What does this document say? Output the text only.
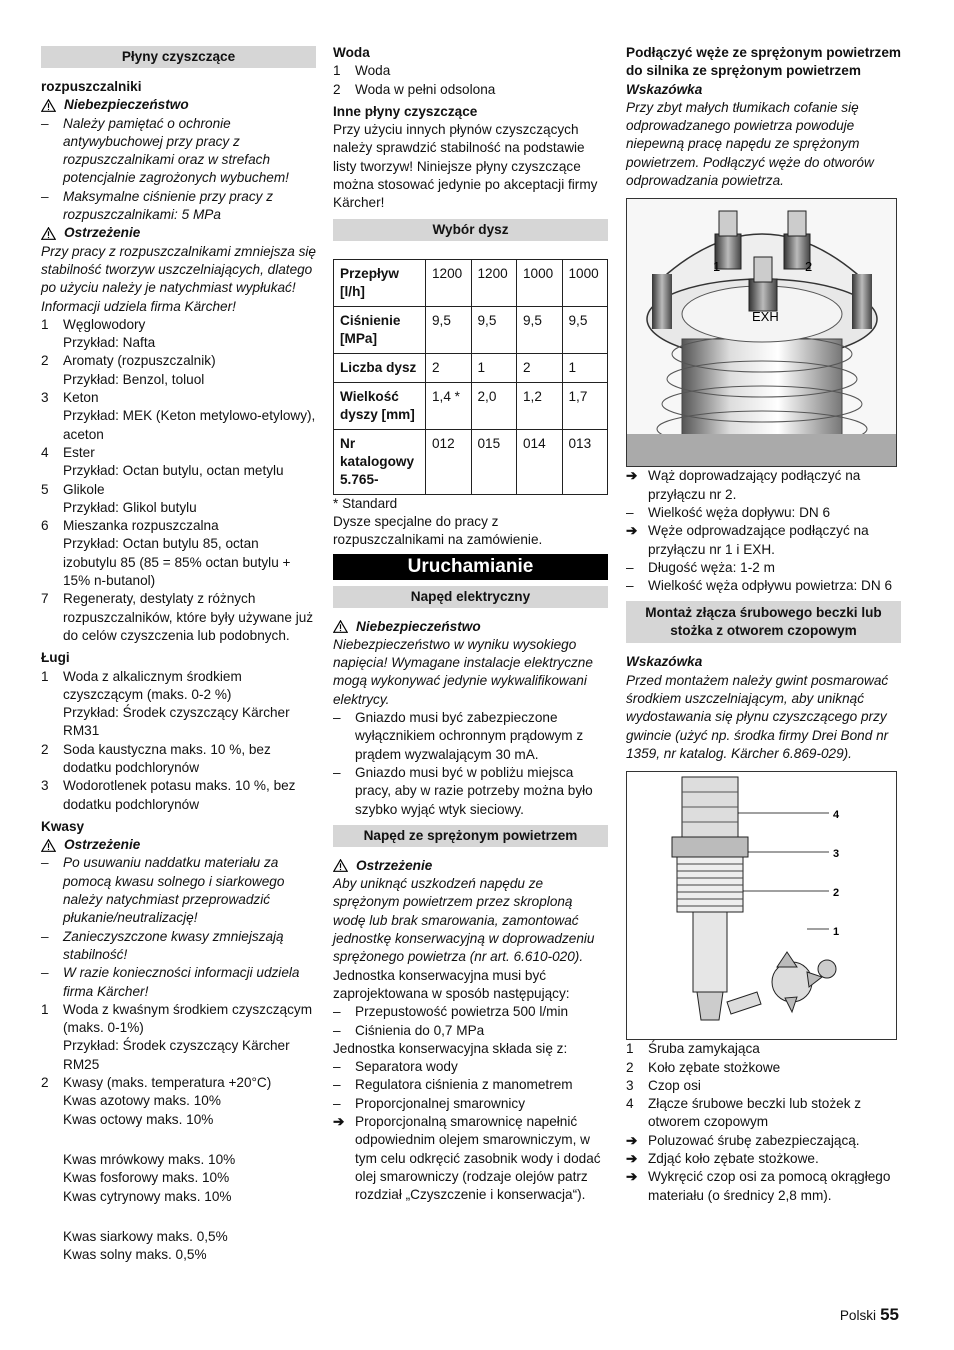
Płyny czyszczące
rozpuszczalniki
Niebezpieczeństwo
–	Należy pamiętać o ochronie antywybuchowej przy pracy z rozpuszczalnikami oraz w strefach potencjalnie zagrożonych wybuchem!
–	Maksymalne ciśnienie przy pracy z rozpuszczalnikami: 5 MPa
Ostrzeżenie
Przy pracy z rozpuszczalnikami zmniejsza się stabilność tworzyw uszczelniających, dlatego po użyciu należy je natychmiast wypłukać! Informacji udziela firma Kärcher!
1	Węglowodory
Przykład: Nafta
2	Aromaty (rozpuszczalnik)
Przykład: Benzol, toluol
3	Keton
Przykład: MEK (Keton metylowo-etylowy), aceton
4	Ester
Przykład: Octan butylu, octan metylu
5	Glikole
Przykład: Glikol butylu
6	Mieszanka rozpuszczalna
Przykład: Octan butylu 85, octan izobutylu 85 (85 = 85% octan butylu + 15% n-butanol)
7	Regeneraty, destylaty z różnych rozpuszczalników, które były używane już do celów czyszczenia lub podobnych.
Ługi
1	Woda z alkalicznym środkiem czyszczącym (maks. 0-2 %)
Przykład: Środek czyszczący Kärcher RM31
2	Soda kaustyczna maks. 10 %, bez dodatku podchlorynów
3	Wodorotlenek potasu maks. 10 %, bez dodatku podchlorynów
Kwasy
Ostrzeżenie
–	Po usuwaniu naddatku materiału za pomocą kwasu solnego i siarkowego należy natychmiast przeprowadzić płukanie/neutralizację!
–	Zanieczyszczone kwasy zmniejszają stabilność!
–	W razie konieczności informacji udziela firma Kärcher!
1	Woda z kwaśnym środkiem czyszczącym (maks. 0-1%)
Przykład: Środek czyszczący Kärcher RM25
2	Kwasy (maks. temperatura +20°C)
Kwas azotowy maks. 10%
Kwas octowy maks. 10%
Kwas mrówkowy maks. 10%
Kwas fosforowy maks. 10%
Kwas cytrynowy maks. 10%
Kwas siarkowy maks. 0,5%
Kwas solny maks. 0,5%
Woda
1	Woda
2	Woda w pełni odsolona
Inne płyny czyszczące
Przy użyciu innych płynów czyszczących należy sprawdzić stabilność na podstawie listy tworzyw! Niniejsze płyny czyszczące można stosować jedynie po akceptacji firmy Kärcher!
Wybór dysz
Przepływ [l/h]	1200	1200	1000	1000
Ciśnienie [MPa]	9,5	9,5	9,5	9,5
Liczba dysz	2	1	2	1
Wielkość dyszy [mm]	1,4 *	2,0	1,2	1,7
Nr katalogowy 5.765-	012	015	014	013
* Standard
Dysze specjalne do pracy z rozpuszczalnikami na zamówienie.
Uruchamianie
Napęd elektryczny
Niebezpieczeństwo
Niebezpieczeństwo w wyniku wysokiego napięcia! Wymagane instalacje elektryczne mogą wykonywać jedynie wykwalifikowani elektrycy.
–	Gniazdo musi być zabezpieczone wyłącznikiem ochronnym prądowym z prądem wyzwalającym 30 mA.
–	Gniazdo musi być w pobliżu miejsca pracy, aby w razie potrzeby można było szybko wyjąć wtyk sieciowy.
Napęd ze sprężonym powietrzem
Ostrzeżenie
Aby uniknąć uszkodzeń napędu ze sprężonym powietrzem przez skroploną wodę lub brak smarowania, zamontować jednostkę konserwacyjną w doprowadzeniu sprężonego powietrza (nr art. 6.610-020).
Jednostka konserwacyjna musi być zaprojektowana w sposób następujący:
–	Przepustowość powietrza 500 l/min
–	Ciśnienia do 0,7 MPa
Jednostka konserwacyjna składa się z:
–	Separatora wody
–	Regulatora ciśnienia z manometrem
–	Proporcjonalnej smarownicy
➔ Proporcjonalną smarownicę napełnić odpowiednim olejem smarowniczym, w tym celu odkręcić zasobnik wody i dodać olej smarowniczy (rodzaje olejów patrz rozdział „Czyszczenie i konserwacja“).
Podłączyć węże ze sprężonym powietrzem do silnika ze sprężonym powietrzem
Wskazówka
Przy zbyt małych tłumikach cofanie się odprowadzanego powietrza powoduje niepewną pracę napędu ze sprężonym powietrzem. Podłączyć węże do otworów odprowadzania powietrza.
1	2
EXH
➔ Wąż doprowadzający podłączyć na przyłączu nr 2.
–	Wielkość węża dopływu: DN 6
➔ Węże odprowadzające podłączyć na przyłączu nr 1 i EXH.
–	Długość węża: 1-2 m
–	Wielkość węża odpływu powietrza: DN 6
Montaż złącza śrubowego beczki lub stożka z otworem czopowym
Wskazówka
Przed montażem należy gwint posmarować środkiem uszczelniającym, aby uniknąć wydostawania się płynu czyszczącego przy gwincie (użyć np. środka firmy Drei Bond nr 1359, nr katalog. Kärcher 6.869-029).
4
3
2
1
1	Śruba zamykająca
2	Koło zębate stożkowe
3	Czop osi
4	Złącze śrubowe beczki lub stożek z otworem czopowym
➔ Poluzować śrubę zabezpieczającą.
➔ Zdjąć koło zębate stożkowe.
➔ Wykręcić czop osi za pomocą okrągłego materiału (o średnicy 2,8 mm).
Polski 55
